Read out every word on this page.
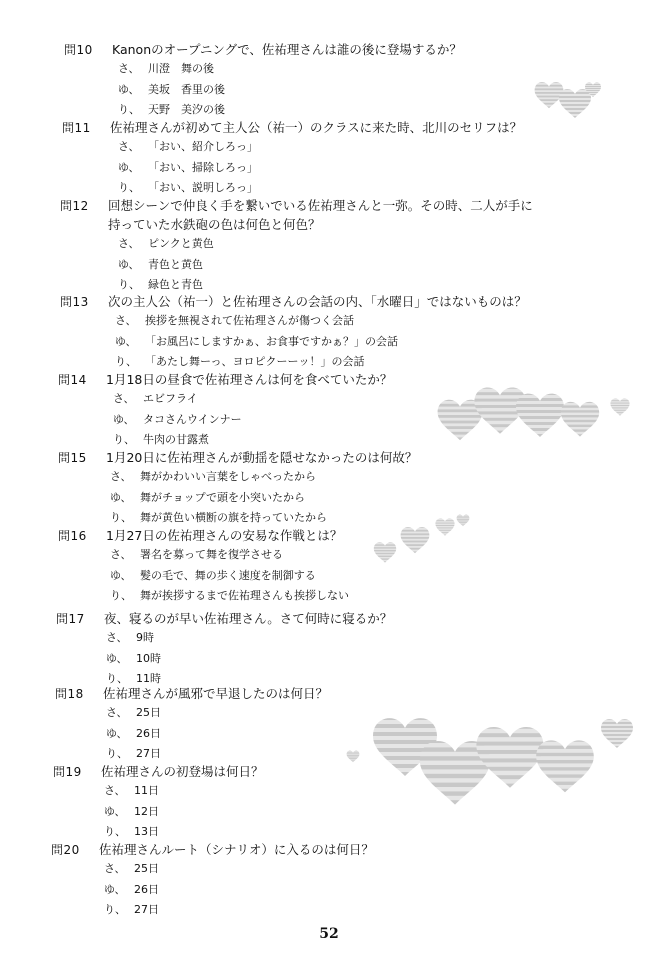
問10	Kanonのオープニングで、佐祐理さんは誰の後に登場するか？
さ、 川澄　舞の後
ゆ、 美坂　香里の後
り、 天野　美汐の後
問11	佐祐理さんが初めて主人公（祐一）のクラスに来た時、北川のセリフは？
さ、 「おい、紹介しろっ」
ゆ、 「おい、掃除しろっ」
り、 「おい、説明しろっ」
問12	回想シーンで仲良く手を繋いでいる佐祐理さんと一弥。その時、二人が手に
持っていた水鉄砲の色は何色と何色？
さ、 ピンクと黄色
ゆ、 青色と黄色
り、 緑色と青色
問13	次の主人公（祐一）と佐祐理さんの会話の内、「水曜日」ではないものは？
さ、 挨拶を無視されて佐祐理さんが傷つく会話
ゆ、 「お風呂にしますかぁ、お食事ですかぁ？」の会話
り、 「あたし舞ーっ、ヨロピクーーッ！」の会話
問14	1月18日の昼食で佐祐理さんは何を食べていたか？
さ、 エビフライ
ゆ、 タコさんウインナー
り、 牛肉の甘露煮
問15	1月20日に佐祐理さんが動揺を隠せなかったのは何故？
さ、 舞がかわいい言葉をしゃべったから
ゆ、 舞がチョップで頭を小突いたから
り、 舞が黄色い横断の旗を持っていたから
問16	1月27日の佐祐理さんの安易な作戦とは？
さ、 署名を募って舞を復学させる
ゆ、 髪の毛で、舞の歩く速度を制御する
り、 舞が挨拶するまで佐祐理さんも挨拶しない
問17	夜、寝るのが早い佐祐理さん。さて何時に寝るか？
さ、 9時
ゆ、 10時
り、 11時
問18	佐祐理さんが風邪で早退したのは何日？
さ、 25日
ゆ、 26日
り、 27日
問19	佐祐理さんの初登場は何日？
さ、 11日
ゆ、 12日
り、 13日
問20	佐祐理さんルート（シナリオ）に入るのは何日？
さ、 25日
ゆ、 26日
り、 27日
52
